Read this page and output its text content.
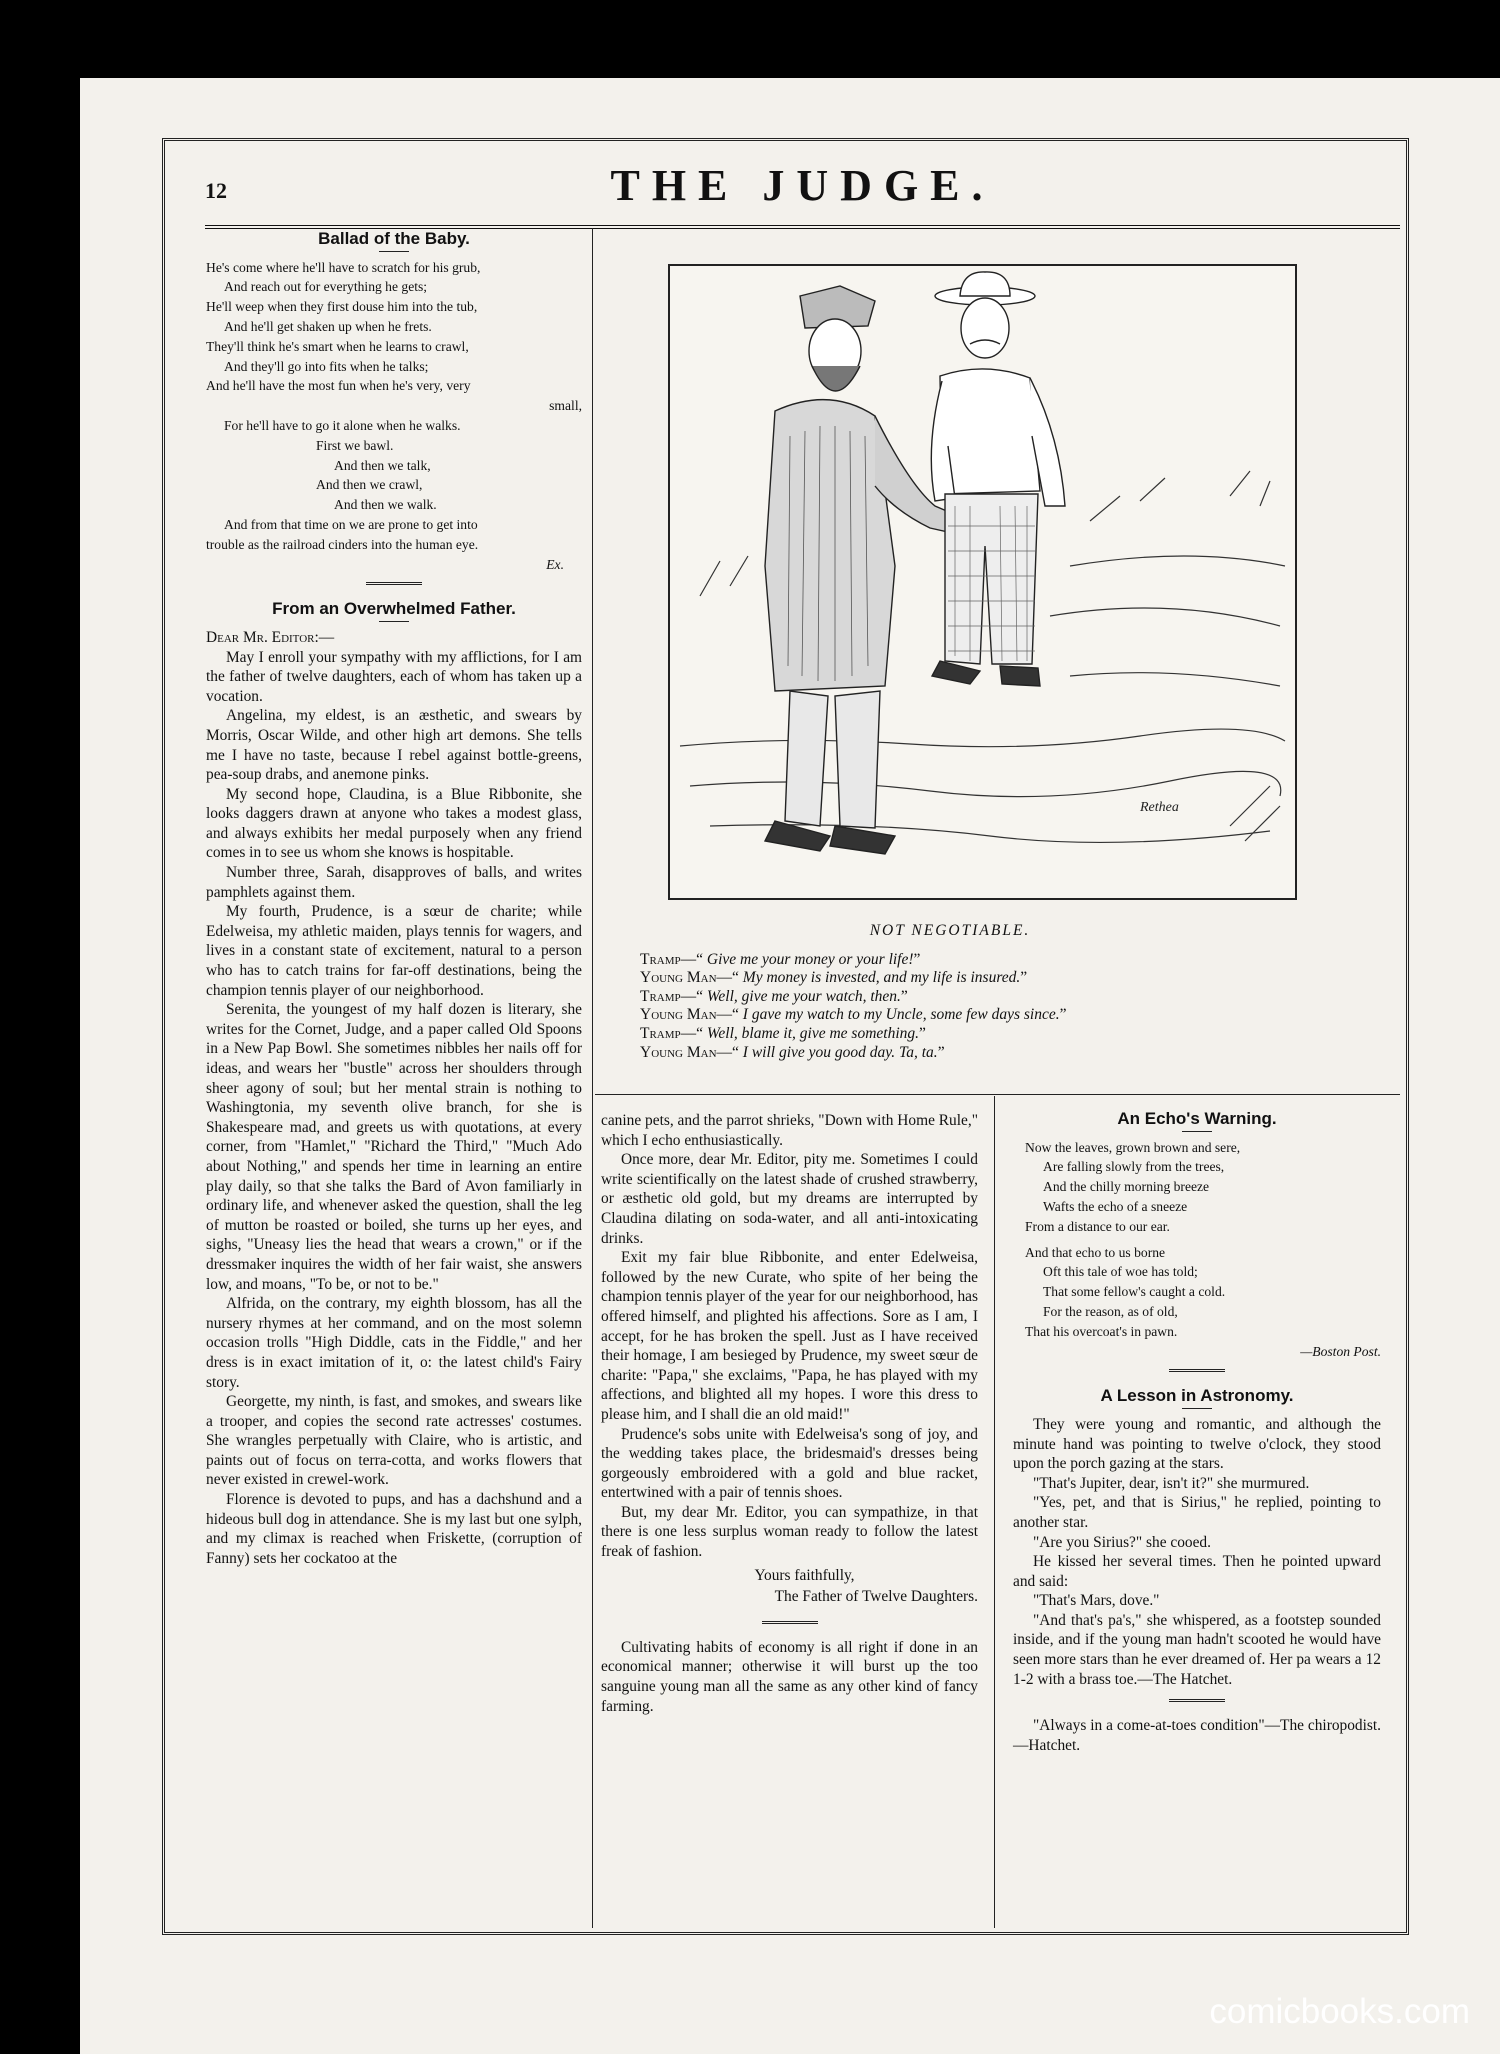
12	THE JUDGE.
Ballad of the Baby.
He's come where he'll have to scratch for his grub,
And reach out for everything he gets;
He'll weep when they first douse him into the tub,
And he'll get shaken up when he frets.
They'll think he's smart when he learns to crawl,
And they'll go into fits when he talks;
And he'll have the most fun when he's very, very
small,
For he'll have to go it alone when he walks.
First we bawl.
And then we talk,
And then we crawl,
And then we walk.
And from that time on we are prone to get into
trouble as the railroad cinders into the human eye.
Ex.
From an Overwhelmed Father.

Dear Mr. Editor:—

May I enroll your sympathy with my afflictions, for I am the father of twelve daughters, each of whom has taken up a vocation.

Angelina, my eldest, is an æsthetic, and swears by Morris, Oscar Wilde, and other high art demons. She tells me I have no taste, because I rebel against bottle-greens, pea-soup drabs, and anemone pinks.

My second hope, Claudina, is a Blue Ribbonite, she looks daggers drawn at anyone who takes a modest glass, and always exhibits her medal purposely when any friend comes in to see us whom she knows is hospitable.

Number three, Sarah, disapproves of balls, and writes pamphlets against them.

My fourth, Prudence, is a sœur de charite; while Edelweisa, my athletic maiden, plays tennis for wagers, and lives in a constant state of excitement, natural to a person who has to catch trains for far-off destinations, being the champion tennis player of our neighborhood.

Serenita, the youngest of my half dozen is literary, she writes for the Cornet, Judge, and a paper called Old Spoons in a New Pap Bowl. She sometimes nibbles her nails off for ideas, and wears her "bustle" across her shoulders through sheer agony of soul; but her mental strain is nothing to Washingtonia, my seventh olive branch, for she is Shakespeare mad, and greets us with quotations, at every corner, from "Hamlet," "Richard the Third," "Much Ado about Nothing," and spends her time in learning an entire play daily, so that she talks the Bard of Avon familiarly in ordinary life, and whenever asked the question, shall the leg of mutton be roasted or boiled, she turns up her eyes, and sighs, "Uneasy lies the head that wears a crown," or if the dressmaker inquires the width of her fair waist, she answers low, and moans, "To be, or not to be."

Alfrida, on the contrary, my eighth blossom, has all the nursery rhymes at her command, and on the most solemn occasion trolls "High Diddle, cats in the Fiddle," and her dress is in exact imitation of it, o: the latest child's Fairy story.

Georgette, my ninth, is fast, and smokes, and swears like a trooper, and copies the second rate actresses' costumes. She wrangles perpetually with Claire, who is artistic, and paints out of focus on terra-cotta, and works flowers that never existed in crewel-work.

Florence is devoted to pups, and has a dachshund and a hideous bull dog in attendance. She is my last but one sylph, and my climax is reached when Friskette, (corruption of Fanny) sets her cockatoo at the

Rethea
NOT NEGOTIABLE.
Tramp—“ Give me your money or your life!”
Young Man—“ My money is invested, and my life is insured.”
Tramp—“ Well, give me your watch, then.”
Young Man—“ I gave my watch to my Uncle, some few days since.”
Tramp—“ Well, blame it, give me something.”
Young Man—“ I will give you good day. Ta, ta.”

canine pets, and the parrot shrieks, "Down with Home Rule," which I echo enthusiastically.

Once more, dear Mr. Editor, pity me. Sometimes I could write scientifically on the latest shade of crushed strawberry, or æsthetic old gold, but my dreams are interrupted by Claudina dilating on soda-water, and all anti-intoxicating drinks.

Exit my fair blue Ribbonite, and enter Edelweisa, followed by the new Curate, who spite of her being the champion tennis player of the year for our neighborhood, has offered himself, and plighted his affections. Sore as I am, I accept, for he has broken the spell. Just as I have received their homage, I am besieged by Prudence, my sweet sœur de charite: "Papa," she exclaims, "Papa, he has played with my affections, and blighted all my hopes. I wore this dress to please him, and I shall die an old maid!"

Prudence's sobs unite with Edelweisa's song of joy, and the wedding takes place, the bridesmaid's dresses being gorgeously embroidered with a gold and blue racket, entertwined with a pair of tennis shoes.

But, my dear Mr. Editor, you can sympathize, in that there is one less surplus woman ready to follow the latest freak of fashion.

Yours faithfully,
The Father of Twelve Daughters.

Cultivating habits of economy is all right if done in an economical manner; otherwise it will burst up the too sanguine young man all the same as any other kind of fancy farming.

An Echo's Warning.
Now the leaves, grown brown and sere,
Are falling slowly from the trees,
And the chilly morning breeze
Wafts the echo of a sneeze
From a distance to our ear.
And that echo to us borne
Oft this tale of woe has told;
That some fellow's caught a cold.
For the reason, as of old,
That his overcoat's in pawn.
—Boston Post.
A Lesson in Astronomy.

They were young and romantic, and although the minute hand was pointing to twelve o'clock, they stood upon the porch gazing at the stars.

"That's Jupiter, dear, isn't it?" she murmured.

"Yes, pet, and that is Sirius," he replied, pointing to another star.

"Are you Sirius?" she cooed.

He kissed her several times. Then he pointed upward and said:

"That's Mars, dove."

"And that's pa's," she whispered, as a footstep sounded inside, and if the young man hadn't scooted he would have seen more stars than he ever dreamed of. Her pa wears a 12 1-2 with a brass toe.—The Hatchet.

"Always in a come-at-toes condition"—The chiropodist.—Hatchet.

comicbooks.com
